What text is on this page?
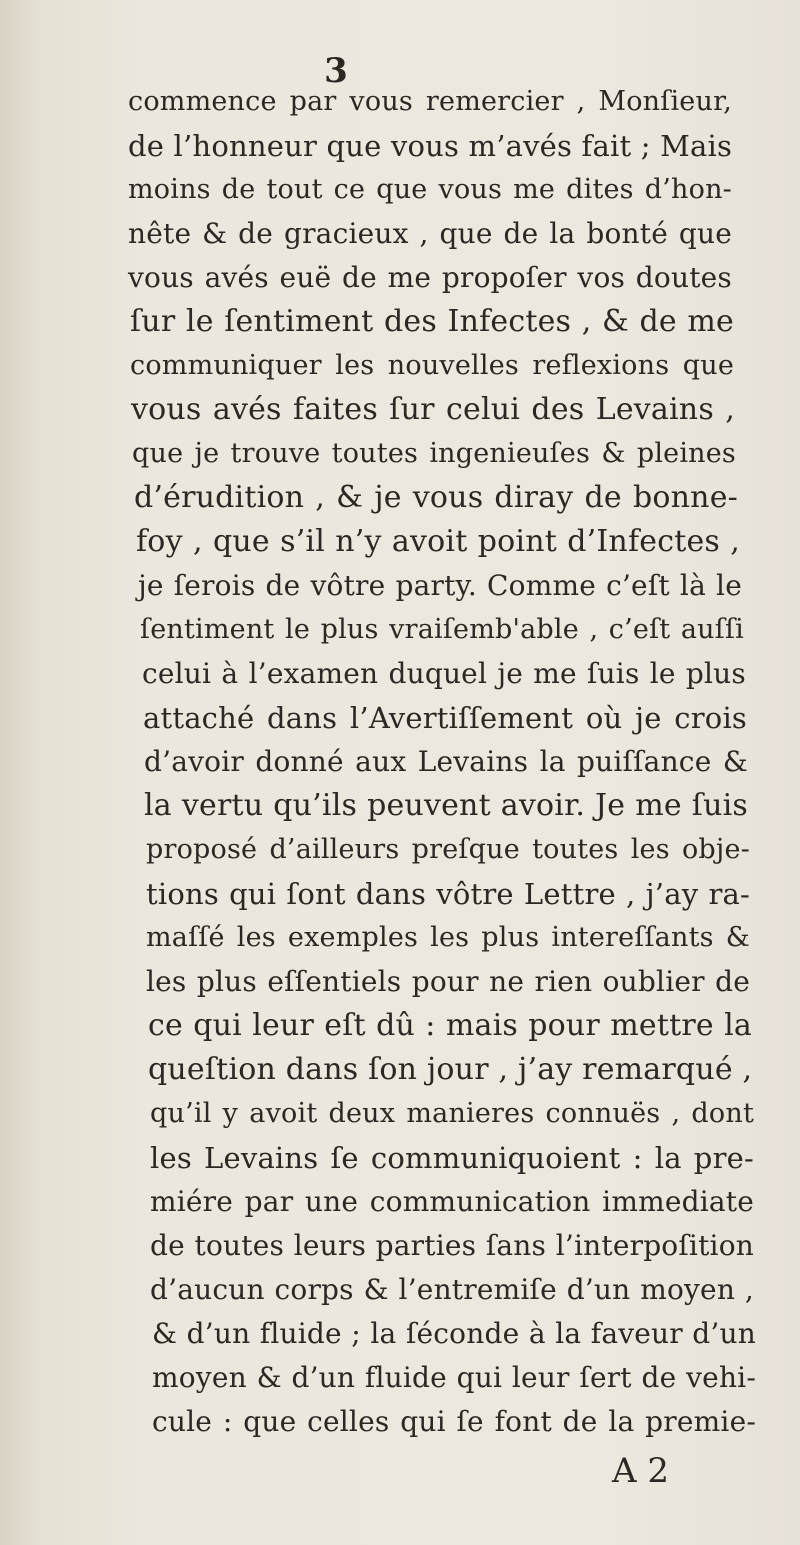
3
commence par vous remercier , Monſieur,
de l’honneur que vous m’avés fait ; Mais
moins de tout ce que vous me dites d’hon-
nête & de gracieux , que de la bonté que
vous avés euë de me propoſer vos doutes
ſur le ſentiment des Infectes , & de me
communiquer les nouvelles reflexions que
vous avés faites ſur celui des Levains ,
que je trouve toutes ingenieuſes & pleines
d’érudition , & je vous diray de bonne-
foy , que s’il n’y avoit point d’Infectes ,
je ſerois de vôtre party. Comme c’eſt là le
ſentiment le plus vraiſemb'able , c’eſt auſſi
celui à l’examen duquel je me ſuis le plus
attaché dans l’Avertiſſement où je crois
d’avoir donné aux Levains la puiſſance &
la vertu qu’ils peuvent avoir. Je me ſuis
proposé d’ailleurs preſque toutes les obje-
tions qui ſont dans vôtre Lettre , j’ay ra-
maſſé les exemples les plus intereſſants &
les plus eſſentiels pour ne rien oublier de
ce qui leur eſt dû : mais pour mettre la
queſtion dans ſon jour , j’ay remarqué ,
qu’il y avoit deux manieres connuës , dont
les Levains ſe communiquoient : la pre-
miére par une communication immediate
de toutes leurs parties ſans l’interpoſition
d’aucun corps & l’entremiſe d’un moyen ,
& d’un fluide ; la ſéconde à la faveur d’un
moyen & d’un fluide qui leur ſert de vehi-
cule : que celles qui ſe font de la premie-
A 2
